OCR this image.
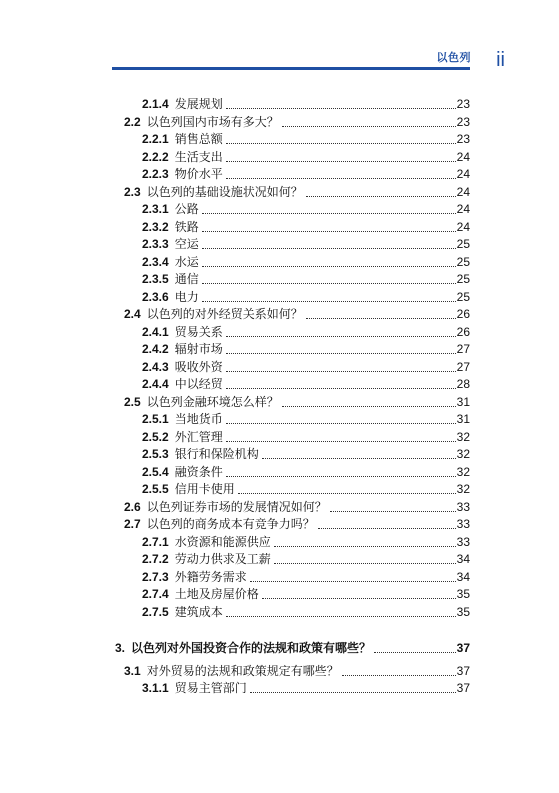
以色列 ii
2.1.4 发展规划	23
2.2 以色列国内市场有多大？	23
2.2.1 销售总额	23
2.2.2 生活支出	24
2.2.3 物价水平	24
2.3 以色列的基础设施状况如何？	24
2.3.1 公路	24
2.3.2 铁路	24
2.3.3 空运	25
2.3.4 水运	25
2.3.5 通信	25
2.3.6 电力	25
2.4 以色列的对外经贸关系如何？	26
2.4.1 贸易关系	26
2.4.2 辐射市场	27
2.4.3 吸收外资	27
2.4.4 中以经贸	28
2.5 以色列金融环境怎么样？	31
2.5.1 当地货币	31
2.5.2 外汇管理	32
2.5.3 银行和保险机构	32
2.5.4 融资条件	32
2.5.5 信用卡使用	32
2.6 以色列证券市场的发展情况如何？	33
2.7 以色列的商务成本有竞争力吗？	33
2.7.1 水资源和能源供应	33
2.7.2 劳动力供求及工薪	34
2.7.3 外籍劳务需求	34
2.7.4 土地及房屋价格	35
2.7.5 建筑成本	35
3. 以色列对外国投资合作的法规和政策有哪些？	37
3.1 对外贸易的法规和政策规定有哪些？	37
3.1.1 贸易主管部门	37
